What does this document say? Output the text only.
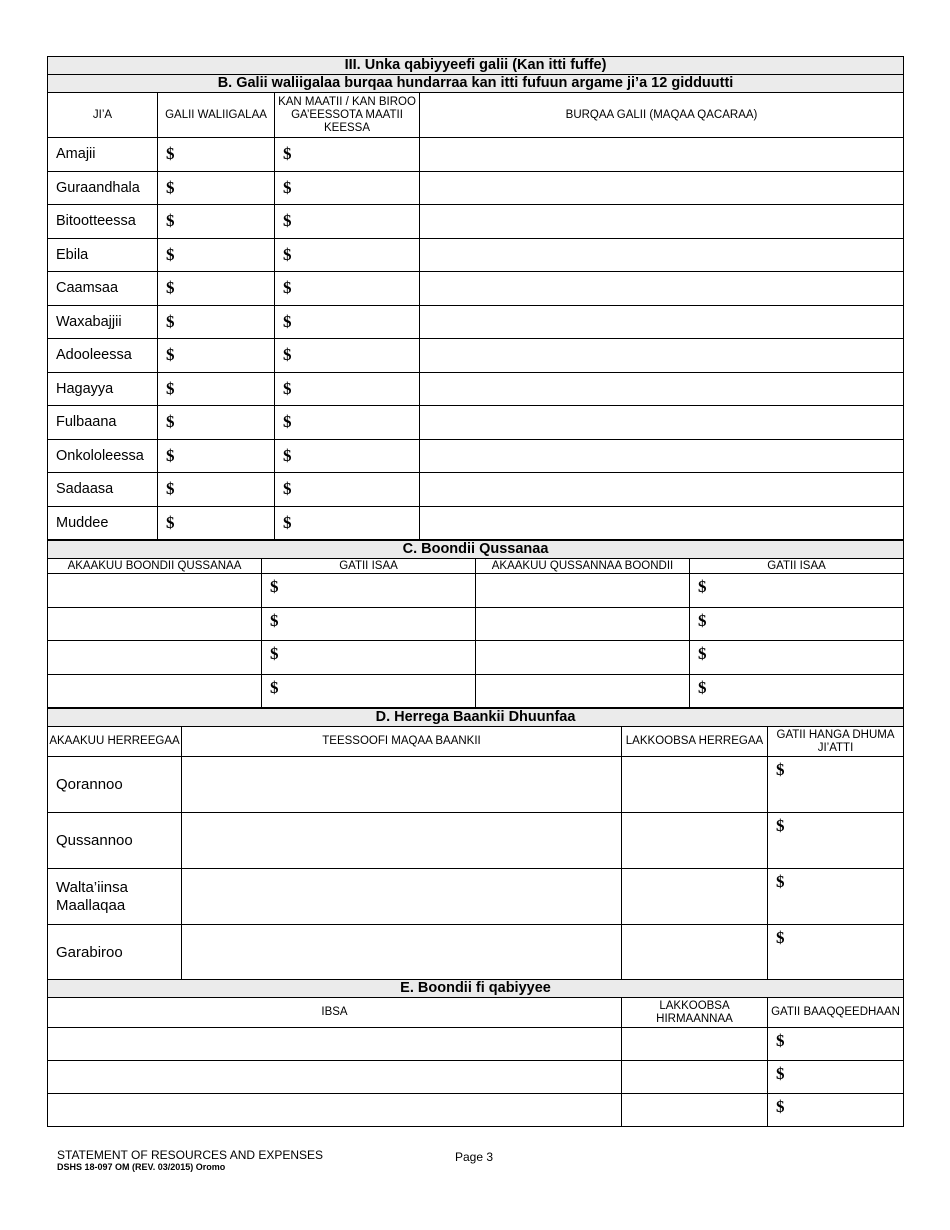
III. Unka qabiyyeefi galii (Kan itti fuffe)			
B. Galii waliigalaa burqaa hundarraa kan itti fufuun argame ji’a 12 gidduutti			
JI’A	GALII WALIIGALAA	KAN MAATII / KAN BIROO GA’EESSOTA MAATII KEESSA	BURQAA GALII (MAQAA QACARAA)
Amajii	$	$	
Guraandhala	$	$	
Bitootteessa	$	$	
Ebila	$	$	
Caamsaa	$	$	
Waxabajjii	$	$	
Adooleessa	$	$	
Hagayya	$	$	
Fulbaana	$	$	
Onkololeessa	$	$	
Sadaasa	$	$	
Muddee	$	$	
C. Boondii Qussanaa			
AKAAKUU BOONDII QUSSANAA	GATII ISAA	AKAAKUU QUSSANNAA BOONDII	GATII ISAA
	$		$
	$		$
	$		$
	$		$
D. Herrega Baankii Dhuunfaa			
AKAAKUU HERREEGAA	TEESSOOFI MAQAA BAANKII	LAKKOOBSA HERREGAA	GATII HANGA DHUMA JI’ATTI
Qorannoo			$
Qussannoo			$
Walta’iinsa Maallaqaa			$
Garabiroo			$
E. Boondii fi qabiyyee		
IBSA	LAKKOOBSA HIRMAANNAA	GATII BAAQQEEDHAAN
		$
		$
		$
STATEMENT OF RESOURCES AND EXPENSES	Page 3
DSHS 18-097 OM (REV. 03/2015) Oromo
